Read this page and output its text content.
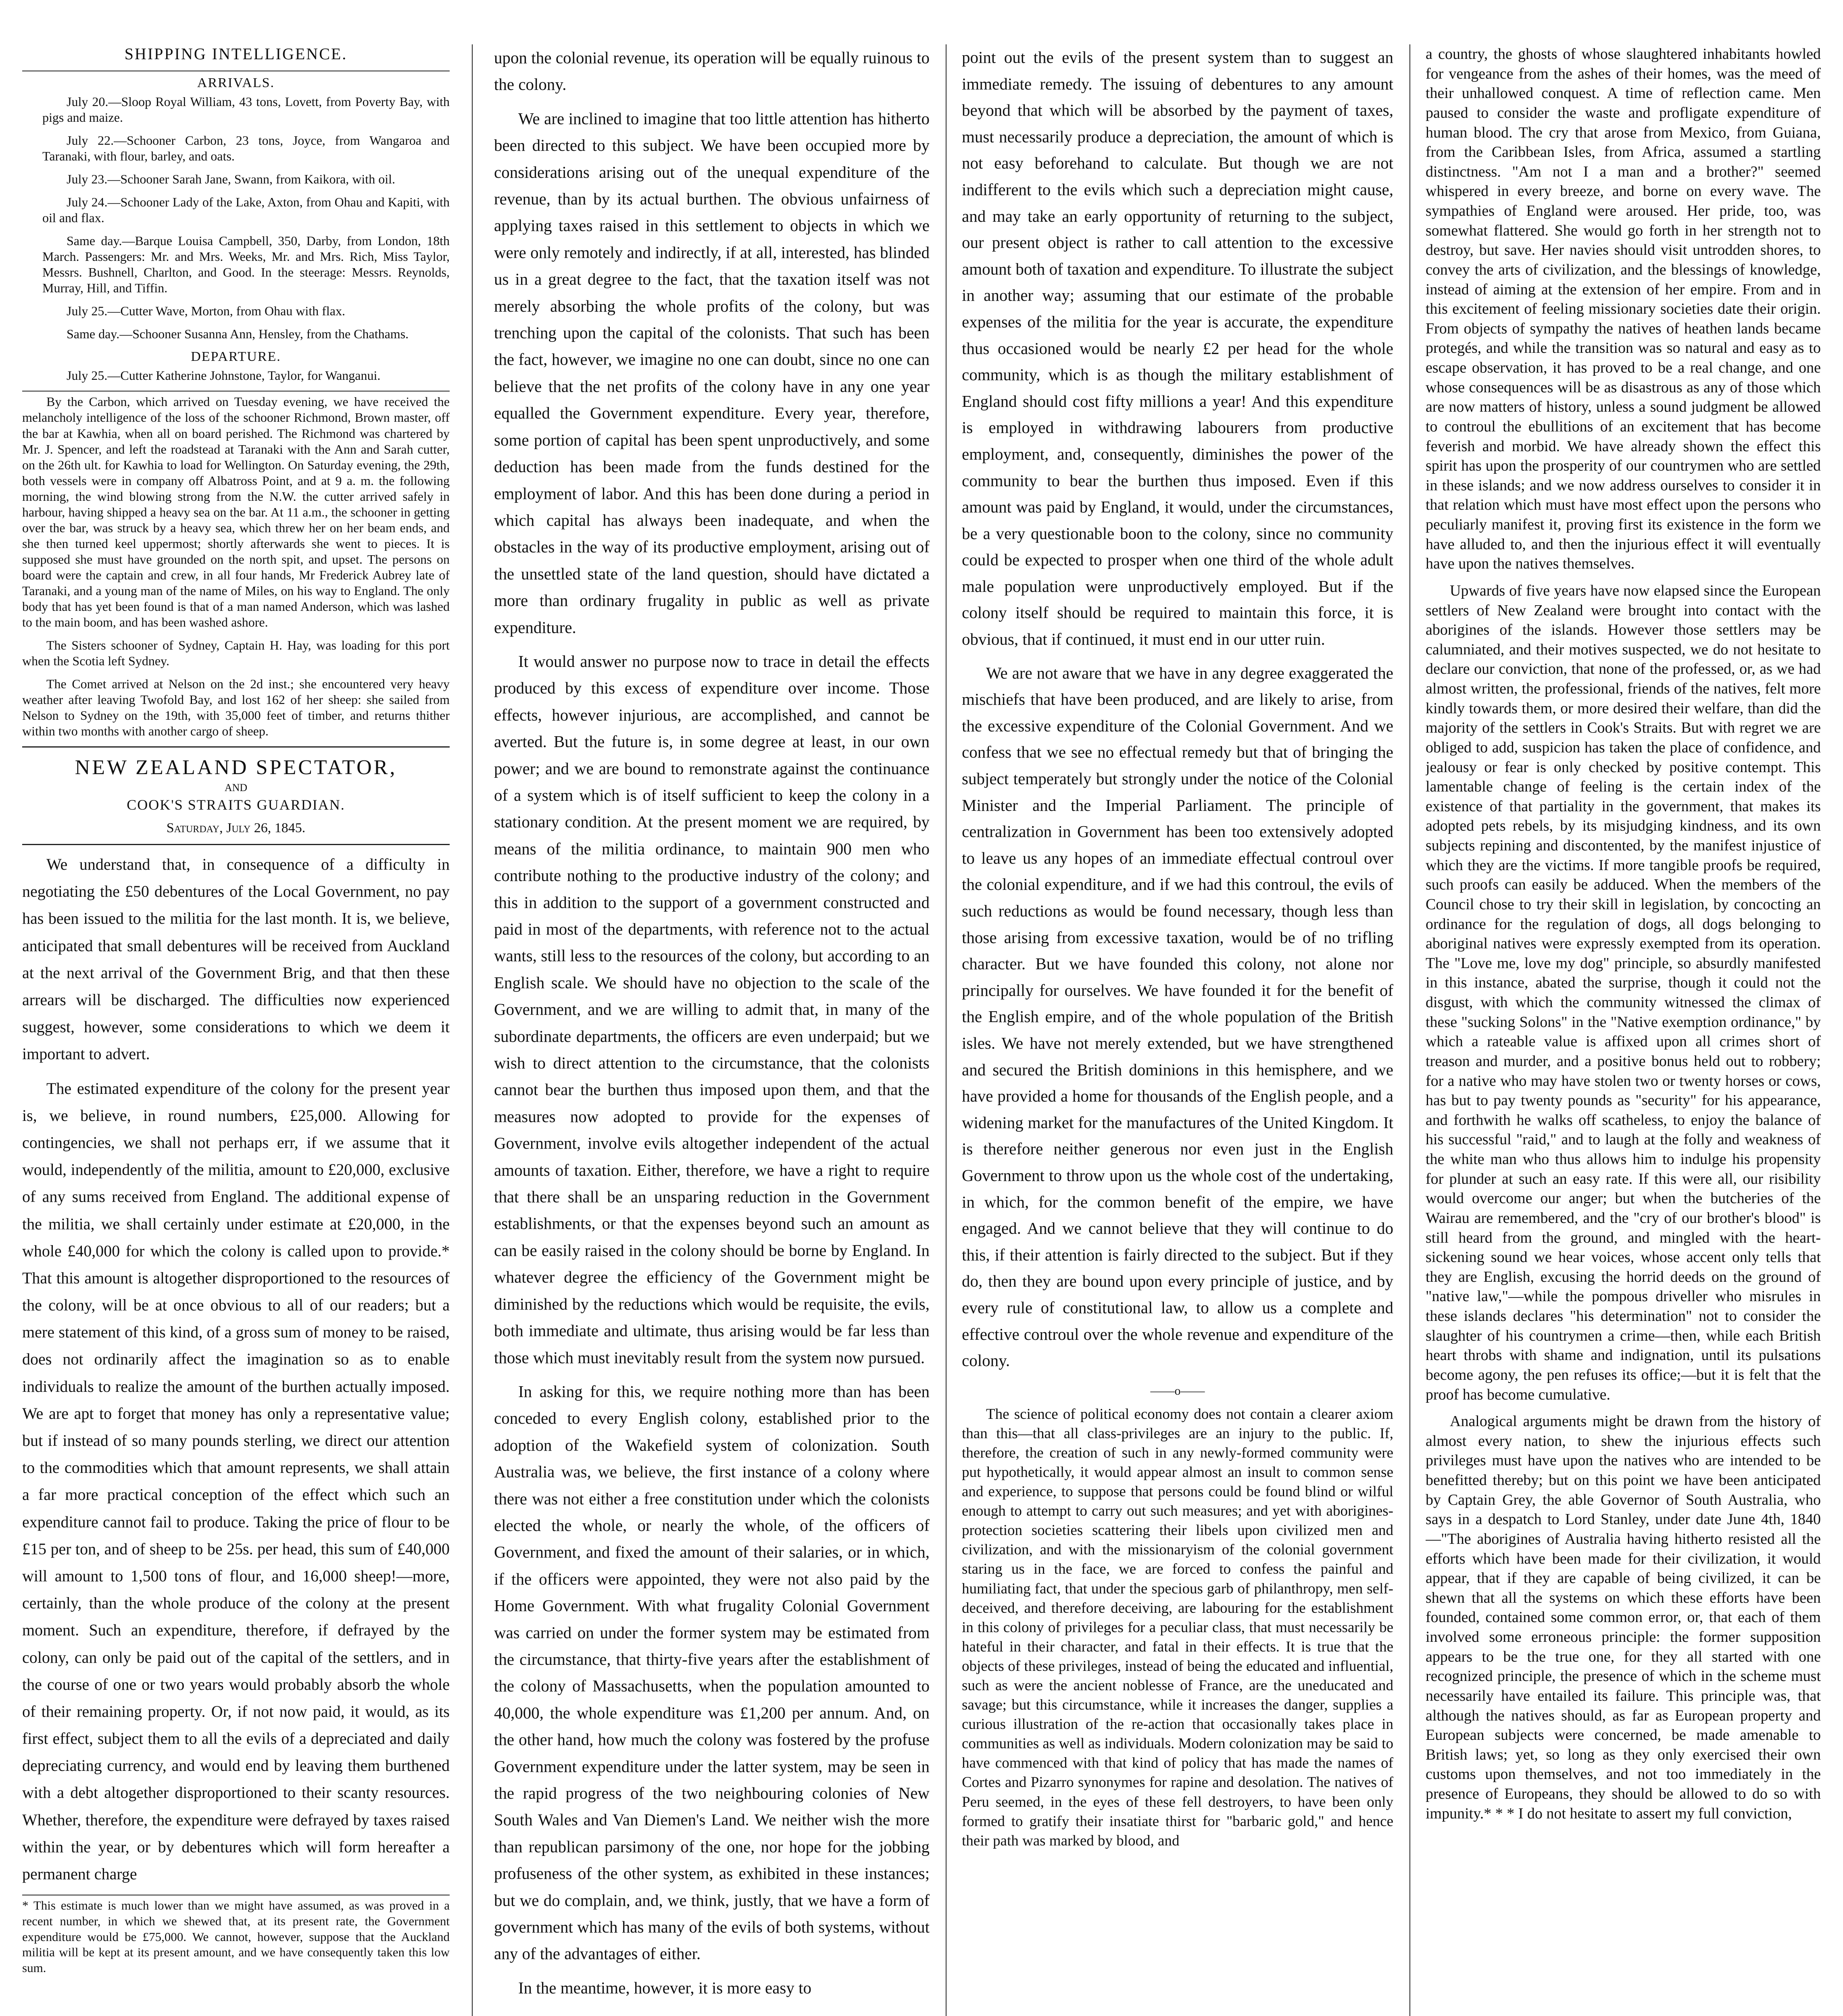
SHIPPING INTELLIGENCE.
ARRIVALS.

July 20.—Sloop Royal William, 43 tons, Lovett, from Poverty Bay, with pigs and maize.

July 22.—Schooner Carbon, 23 tons, Joyce, from Wangaroa and Taranaki, with flour, barley, and oats.

July 23.—Schooner Sarah Jane, Swann, from Kaikora, with oil.

July 24.—Schooner Lady of the Lake, Axton, from Ohau and Kapiti, with oil and flax.

Same day.—Barque Louisa Campbell, 350, Darby, from London, 18th March. Passengers: Mr. and Mrs. Weeks, Mr. and Mrs. Rich, Miss Taylor, Messrs. Bushnell, Charlton, and Good. In the steerage: Messrs. Reynolds, Murray, Hill, and Tiffin.

July 25.—Cutter Wave, Morton, from Ohau with flax.

Same day.—Schooner Susanna Ann, Hensley, from the Chathams.

DEPARTURE.

July 25.—Cutter Katherine Johnstone, Taylor, for Wanganui.

By the Carbon, which arrived on Tuesday evening, we have received the melancholy intelligence of the loss of the schooner Richmond, Brown master, off the bar at Kawhia, when all on board perished. The Richmond was chartered by Mr. J. Spencer, and left the roadstead at Taranaki with the Ann and Sarah cutter, on the 26th ult. for Kawhia to load for Wellington. On Saturday evening, the 29th, both vessels were in company off Albatross Point, and at 9 a. m. the following morning, the wind blowing strong from the N.W. the cutter arrived safely in harbour, having shipped a heavy sea on the bar. At 11 a.m., the schooner in getting over the bar, was struck by a heavy sea, which threw her on her beam ends, and she then turned keel uppermost; shortly afterwards she went to pieces. It is supposed she must have grounded on the north spit, and upset. The persons on board were the captain and crew, in all four hands, Mr Frederick Aubrey late of Taranaki, and a young man of the name of Miles, on his way to England. The only body that has yet been found is that of a man named Anderson, which was lashed to the main boom, and has been washed ashore.

The Sisters schooner of Sydney, Captain H. Hay, was loading for this port when the Scotia left Sydney.

The Comet arrived at Nelson on the 2d inst.; she encountered very heavy weather after leaving Twofold Bay, and lost 162 of her sheep: she sailed from Nelson to Sydney on the 19th, with 35,000 feet of timber, and returns thither within two months with another cargo of sheep.

NEW ZEALAND SPECTATOR,
AND
COOK'S STRAITS GUARDIAN.
Saturday, July 26, 1845.

We understand that, in consequence of a difficulty in negotiating the £50 debentures of the Local Government, no pay has been issued to the militia for the last month. It is, we believe, anticipated that small debentures will be received from Auckland at the next arrival of the Government Brig, and that then these arrears will be discharged. The difficulties now experienced suggest, however, some considerations to which we deem it important to advert.

The estimated expenditure of the colony for the present year is, we believe, in round numbers, £25,000. Allowing for contingencies, we shall not perhaps err, if we assume that it would, independently of the militia, amount to £20,000, exclusive of any sums received from England. The additional expense of the militia, we shall certainly under estimate at £20,000, in the whole £40,000 for which the colony is called upon to provide.* That this amount is altogether disproportioned to the resources of the colony, will be at once obvious to all of our readers; but a mere statement of this kind, of a gross sum of money to be raised, does not ordinarily affect the imagination so as to enable individuals to realize the amount of the burthen actually imposed. We are apt to forget that money has only a representative value; but if instead of so many pounds sterling, we direct our attention to the commodities which that amount represents, we shall attain a far more practical conception of the effect which such an expenditure cannot fail to produce. Taking the price of flour to be £15 per ton, and of sheep to be 25s. per head, this sum of £40,000 will amount to 1,500 tons of flour, and 16,000 sheep!—more, certainly, than the whole produce of the colony at the present moment. Such an expenditure, therefore, if defrayed by the colony, can only be paid out of the capital of the settlers, and in the course of one or two years would probably absorb the whole of their remaining property. Or, if not now paid, it would, as its first effect, subject them to all the evils of a depreciated and daily depreciating currency, and would end by leaving them burthened with a debt altogether disproportioned to their scanty resources. Whether, therefore, the expenditure were defrayed by taxes raised within the year, or by debentures which will form hereafter a permanent charge

* This estimate is much lower than we might have assumed, as was proved in a recent number, in which we shewed that, at its present rate, the Government expenditure would be £75,000. We cannot, however, suppose that the Auckland militia will be kept at its present amount, and we have consequently taken this low sum.

upon the colonial revenue, its operation will be equally ruinous to the colony.

We are inclined to imagine that too little attention has hitherto been directed to this subject. We have been occupied more by considerations arising out of the unequal expenditure of the revenue, than by its actual burthen. The obvious unfairness of applying taxes raised in this settlement to objects in which we were only remotely and indirectly, if at all, interested, has blinded us in a great degree to the fact, that the taxation itself was not merely absorbing the whole profits of the colony, but was trenching upon the capital of the colonists. That such has been the fact, however, we imagine no one can doubt, since no one can believe that the net profits of the colony have in any one year equalled the Government expenditure. Every year, therefore, some portion of capital has been spent unproductively, and some deduction has been made from the funds destined for the employment of labor. And this has been done during a period in which capital has always been inadequate, and when the obstacles in the way of its productive employment, arising out of the unsettled state of the land question, should have dictated a more than ordinary frugality in public as well as private expenditure.

It would answer no purpose now to trace in detail the effects produced by this excess of expenditure over income. Those effects, however injurious, are accomplished, and cannot be averted. But the future is, in some degree at least, in our own power; and we are bound to remonstrate against the continuance of a system which is of itself sufficient to keep the colony in a stationary condition. At the present moment we are required, by means of the militia ordinance, to maintain 900 men who contribute nothing to the productive industry of the colony; and this in addition to the support of a government constructed and paid in most of the departments, with reference not to the actual wants, still less to the resources of the colony, but according to an English scale. We should have no objection to the scale of the Government, and we are willing to admit that, in many of the subordinate departments, the officers are even underpaid; but we wish to direct attention to the circumstance, that the colonists cannot bear the burthen thus imposed upon them, and that the measures now adopted to provide for the expenses of Government, involve evils altogether independent of the actual amounts of taxation. Either, therefore, we have a right to require that there shall be an unsparing reduction in the Government establishments, or that the expenses beyond such an amount as can be easily raised in the colony should be borne by England. In whatever degree the efficiency of the Government might be diminished by the reductions which would be requisite, the evils, both immediate and ultimate, thus arising would be far less than those which must inevitably result from the system now pursued.

In asking for this, we require nothing more than has been conceded to every English colony, established prior to the adoption of the Wakefield system of colonization. South Australia was, we believe, the first instance of a colony where there was not either a free constitution under which the colonists elected the whole, or nearly the whole, of the officers of Government, and fixed the amount of their salaries, or in which, if the officers were appointed, they were not also paid by the Home Government. With what frugality Colonial Government was carried on under the former system may be estimated from the circumstance, that thirty-five years after the establishment of the colony of Massachusetts, when the population amounted to 40,000, the whole expenditure was £1,200 per annum. And, on the other hand, how much the colony was fostered by the profuse Government expenditure under the latter system, may be seen in the rapid progress of the two neighbouring colonies of New South Wales and Van Diemen's Land. We neither wish the more than republican parsimony of the one, nor hope for the jobbing profuseness of the other system, as exhibited in these instances; but we do complain, and, we think, justly, that we have a form of government which has many of the evils of both systems, without any of the advantages of either.

In the meantime, however, it is more easy to

point out the evils of the present system than to suggest an immediate remedy. The issuing of debentures to any amount beyond that which will be absorbed by the payment of taxes, must necessarily produce a depreciation, the amount of which is not easy beforehand to calculate. But though we are not indifferent to the evils which such a depreciation might cause, and may take an early opportunity of returning to the subject, our present object is rather to call attention to the excessive amount both of taxation and expenditure. To illustrate the subject in another way; assuming that our estimate of the probable expenses of the militia for the year is accurate, the expenditure thus occasioned would be nearly £2 per head for the whole community, which is as though the military establishment of England should cost fifty millions a year! And this expenditure is employed in withdrawing labourers from productive employment, and, consequently, diminishes the power of the community to bear the burthen thus imposed. Even if this amount was paid by England, it would, under the circumstances, be a very questionable boon to the colony, since no community could be expected to prosper when one third of the whole adult male population were unproductively employed. But if the colony itself should be required to maintain this force, it is obvious, that if continued, it must end in our utter ruin.

We are not aware that we have in any degree exaggerated the mischiefs that have been produced, and are likely to arise, from the excessive expenditure of the Colonial Government. And we confess that we see no effectual remedy but that of bringing the subject temperately but strongly under the notice of the Colonial Minister and the Imperial Parliament. The principle of centralization in Government has been too extensively adopted to leave us any hopes of an immediate effectual controul over the colonial expenditure, and if we had this controul, the evils of such reductions as would be found necessary, though less than those arising from excessive taxation, would be of no trifling character. But we have founded this colony, not alone nor principally for ourselves. We have founded it for the benefit of the English empire, and of the whole population of the British isles. We have not merely extended, but we have strengthened and secured the British dominions in this hemisphere, and we have provided a home for thousands of the English people, and a widening market for the manufactures of the United Kingdom. It is therefore neither generous nor even just in the English Government to throw upon us the whole cost of the undertaking, in which, for the common benefit of the empire, we have engaged. And we cannot believe that they will continue to do this, if their attention is fairly directed to the subject. But if they do, then they are bound upon every principle of justice, and by every rule of constitutional law, to allow us a complete and effective controul over the whole revenue and expenditure of the colony.

——o——

The science of political economy does not contain a clearer axiom than this—that all class-privileges are an injury to the public. If, therefore, the creation of such in any newly-formed community were put hypothetically, it would appear almost an insult to common sense and experience, to suppose that persons could be found blind or wilful enough to attempt to carry out such measures; and yet with aborigines-protection societies scattering their libels upon civilized men and civilization, and with the missionaryism of the colonial government staring us in the face, we are forced to confess the painful and humiliating fact, that under the specious garb of philanthropy, men self-deceived, and therefore deceiving, are labouring for the establishment in this colony of privileges for a peculiar class, that must necessarily be hateful in their character, and fatal in their effects. It is true that the objects of these privileges, instead of being the educated and influential, such as were the ancient noblesse of France, are the uneducated and savage; but this circumstance, while it increases the danger, supplies a curious illustration of the re-action that occasionally takes place in communities as well as individuals. Modern colonization may be said to have commenced with that kind of policy that has made the names of Cortes and Pizarro synonymes for rapine and desolation. The natives of Peru seemed, in the eyes of these fell destroyers, to have been only formed to gratify their insatiate thirst for "barbaric gold," and hence their path was marked by blood, and

a country, the ghosts of whose slaughtered inhabitants howled for vengeance from the ashes of their homes, was the meed of their unhallowed conquest. A time of reflection came. Men paused to consider the waste and profligate expenditure of human blood. The cry that arose from Mexico, from Guiana, from the Caribbean Isles, from Africa, assumed a startling distinctness. "Am not I a man and a brother?" seemed whispered in every breeze, and borne on every wave. The sympathies of England were aroused. Her pride, too, was somewhat flattered. She would go forth in her strength not to destroy, but save. Her navies should visit untrodden shores, to convey the arts of civilization, and the blessings of knowledge, instead of aiming at the extension of her empire. From and in this excitement of feeling missionary societies date their origin. From objects of sympathy the natives of heathen lands became protegés, and while the transition was so natural and easy as to escape observation, it has proved to be a real change, and one whose consequences will be as disastrous as any of those which are now matters of history, unless a sound judgment be allowed to controul the ebullitions of an excitement that has become feverish and morbid. We have already shown the effect this spirit has upon the prosperity of our countrymen who are settled in these islands; and we now address ourselves to consider it in that relation which must have most effect upon the persons who peculiarly manifest it, proving first its existence in the form we have alluded to, and then the injurious effect it will eventually have upon the natives themselves.

Upwards of five years have now elapsed since the European settlers of New Zealand were brought into contact with the aborigines of the islands. However those settlers may be calumniated, and their motives suspected, we do not hesitate to declare our conviction, that none of the professed, or, as we had almost written, the professional, friends of the natives, felt more kindly towards them, or more desired their welfare, than did the majority of the settlers in Cook's Straits. But with regret we are obliged to add, suspicion has taken the place of confidence, and jealousy or fear is only checked by positive contempt. This lamentable change of feeling is the certain index of the existence of that partiality in the government, that makes its adopted pets rebels, by its misjudging kindness, and its own subjects repining and discontented, by the manifest injustice of which they are the victims. If more tangible proofs be required, such proofs can easily be adduced. When the members of the Council chose to try their skill in legislation, by concocting an ordinance for the regulation of dogs, all dogs belonging to aboriginal natives were expressly exempted from its operation. The "Love me, love my dog" principle, so absurdly manifested in this instance, abated the surprise, though it could not the disgust, with which the community witnessed the climax of these "sucking Solons" in the "Native exemption ordinance," by which a rateable value is affixed upon all crimes short of treason and murder, and a positive bonus held out to robbery; for a native who may have stolen two or twenty horses or cows, has but to pay twenty pounds as "security" for his appearance, and forthwith he walks off scatheless, to enjoy the balance of his successful "raid," and to laugh at the folly and weakness of the white man who thus allows him to indulge his propensity for plunder at such an easy rate. If this were all, our risibility would overcome our anger; but when the butcheries of the Wairau are remembered, and the "cry of our brother's blood" is still heard from the ground, and mingled with the heart-sickening sound we hear voices, whose accent only tells that they are English, excusing the horrid deeds on the ground of "native law,"—while the pompous driveller who misrules in these islands declares "his determination" not to consider the slaughter of his countrymen a crime—then, while each British heart throbs with shame and indignation, until its pulsations become agony, the pen refuses its office;—but it is felt that the proof has become cumulative.

Analogical arguments might be drawn from the history of almost every nation, to shew the injurious effects such privileges must have upon the natives who are intended to be benefitted thereby; but on this point we have been anticipated by Captain Grey, the able Governor of South Australia, who says in a despatch to Lord Stanley, under date June 4th, 1840—"The aborigines of Australia having hitherto resisted all the efforts which have been made for their civilization, it would appear, that if they are capable of being civilized, it can be shewn that all the systems on which these efforts have been founded, contained some common error, or, that each of them involved some erroneous principle: the former supposition appears to be the true one, for they all started with one recognized principle, the presence of which in the scheme must necessarily have entailed its failure. This principle was, that although the natives should, as far as European property and European subjects were concerned, be made amenable to British laws; yet, so long as they only exercised their own customs upon themselves, and not too immediately in the presence of Europeans, they should be allowed to do so with impunity.* * * I do not hesitate to assert my full conviction,
